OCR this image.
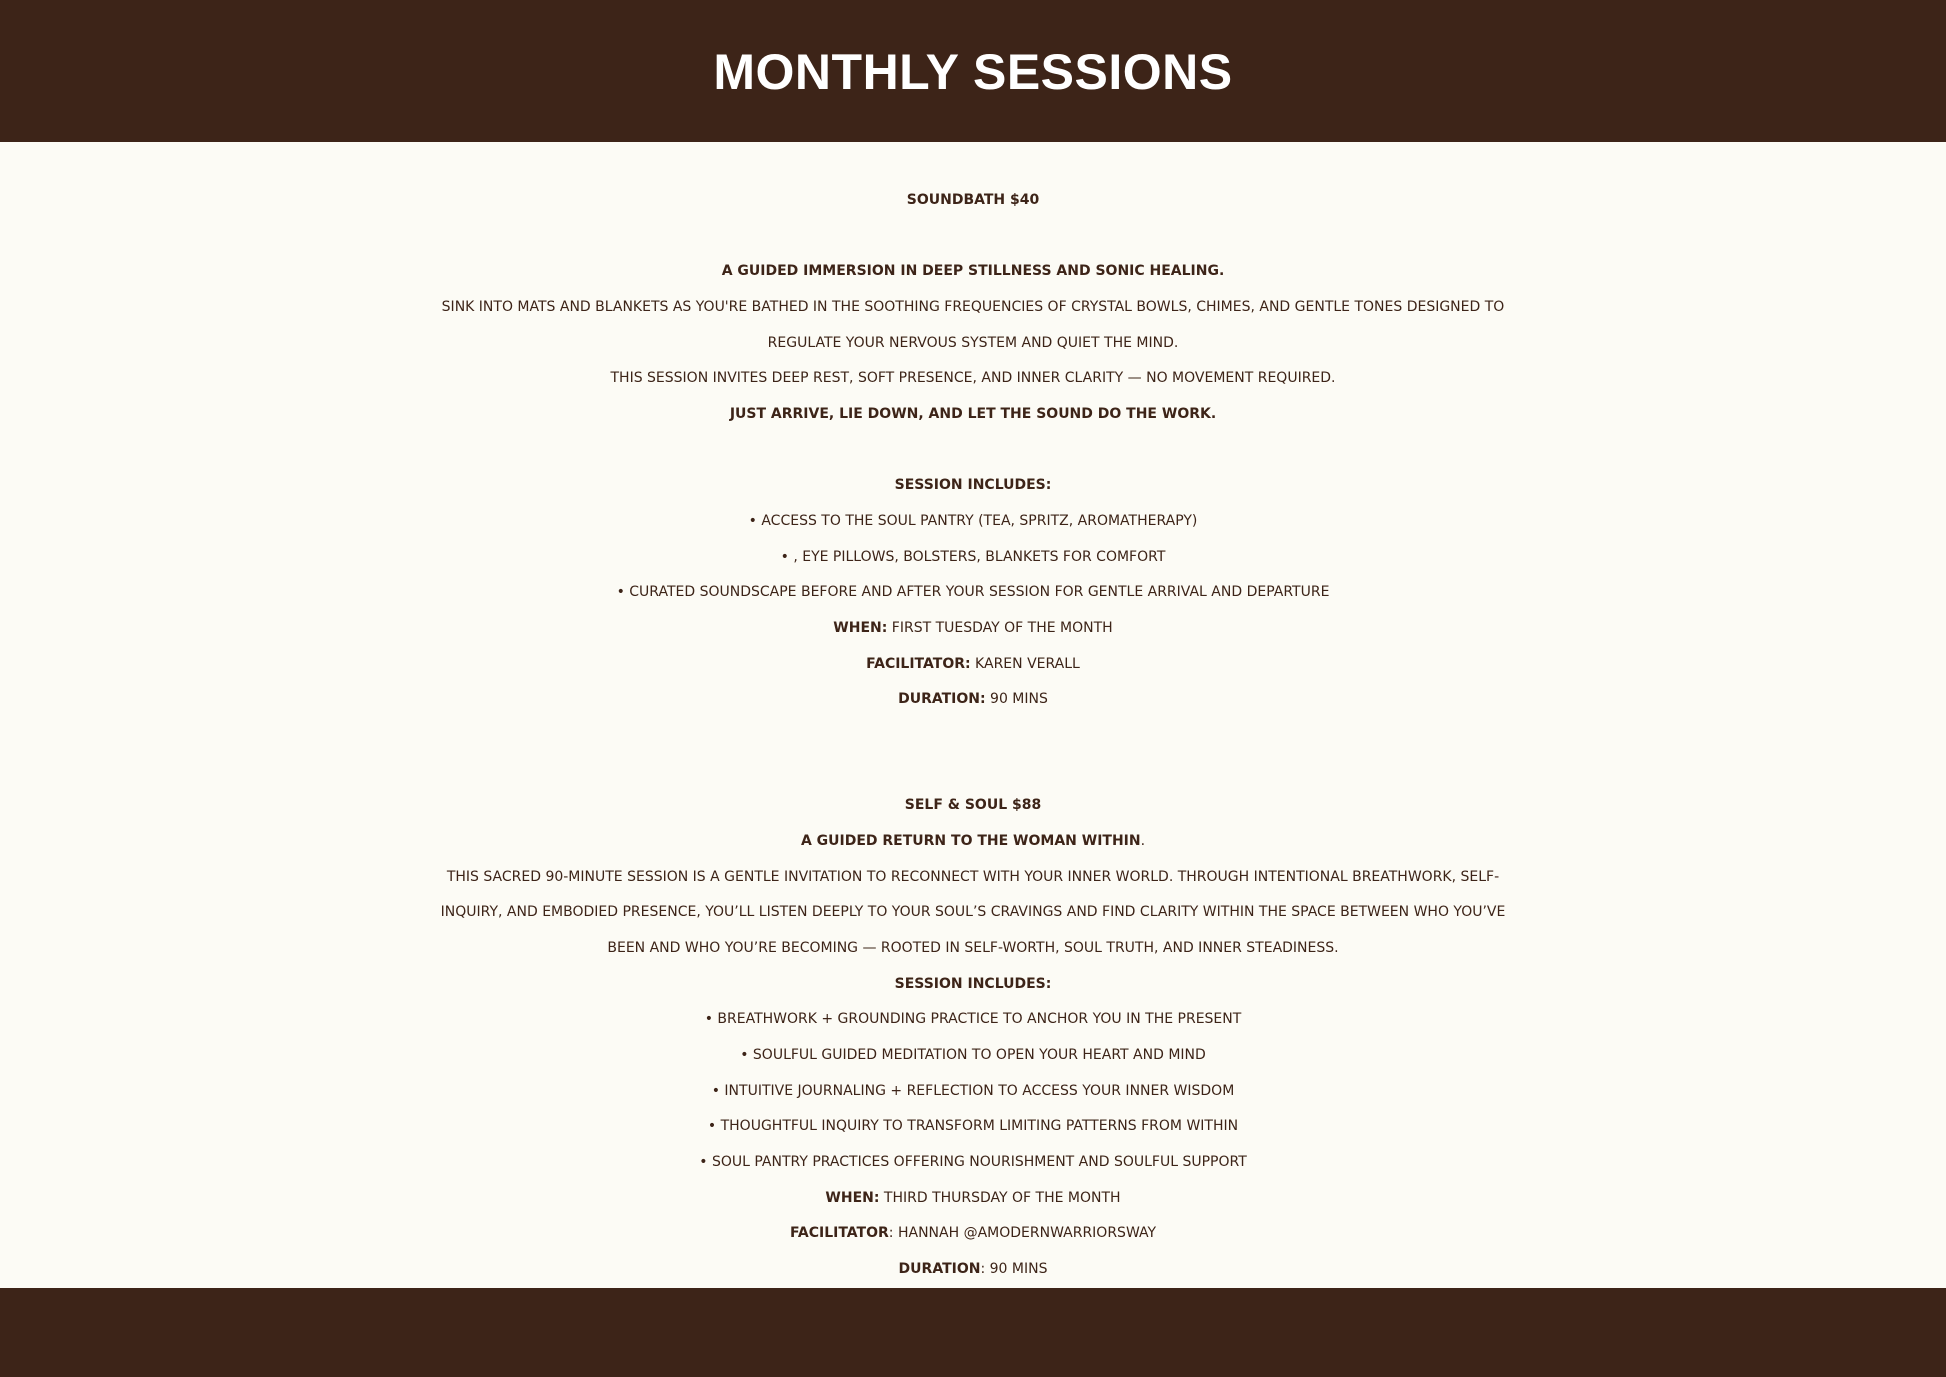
MONTHLY SESSIONS
SOUNDBATH $40
A GUIDED IMMERSION IN DEEP STILLNESS AND SONIC HEALING.
SINK INTO MATS AND BLANKETS AS YOU'RE BATHED IN THE SOOTHING FREQUENCIES OF CRYSTAL BOWLS, CHIMES, AND GENTLE TONES DESIGNED TO
REGULATE YOUR NERVOUS SYSTEM AND QUIET THE MIND.
THIS SESSION INVITES DEEP REST, SOFT PRESENCE, AND INNER CLARITY — NO MOVEMENT REQUIRED.
JUST ARRIVE, LIE DOWN, AND LET THE SOUND DO THE WORK.
SESSION INCLUDES:
• ACCESS TO THE SOUL PANTRY (TEA, SPRITZ, AROMATHERAPY)
• , EYE PILLOWS, BOLSTERS, BLANKETS FOR COMFORT
• CURATED SOUNDSCAPE BEFORE AND AFTER YOUR SESSION FOR GENTLE ARRIVAL AND DEPARTURE
WHEN: FIRST TUESDAY OF THE MONTH
FACILITATOR: KAREN VERALL
DURATION: 90 MINS
SELF & SOUL $88
A GUIDED RETURN TO THE WOMAN WITHIN.
THIS SACRED 90-MINUTE SESSION IS A GENTLE INVITATION TO RECONNECT WITH YOUR INNER WORLD. THROUGH INTENTIONAL BREATHWORK, SELF-
INQUIRY, AND EMBODIED PRESENCE, YOU’LL LISTEN DEEPLY TO YOUR SOUL’S CRAVINGS AND FIND CLARITY WITHIN THE SPACE BETWEEN WHO YOU’VE
BEEN AND WHO YOU’RE BECOMING — ROOTED IN SELF-WORTH, SOUL TRUTH, AND INNER STEADINESS.
SESSION INCLUDES:
• BREATHWORK + GROUNDING PRACTICE TO ANCHOR YOU IN THE PRESENT
• SOULFUL GUIDED MEDITATION TO OPEN YOUR HEART AND MIND
• INTUITIVE JOURNALING + REFLECTION TO ACCESS YOUR INNER WISDOM
• THOUGHTFUL INQUIRY TO TRANSFORM LIMITING PATTERNS FROM WITHIN
• SOUL PANTRY PRACTICES OFFERING NOURISHMENT AND SOULFUL SUPPORT
WHEN: THIRD THURSDAY OF THE MONTH
FACILITATOR: HANNAH @AMODERNWARRIORSWAY
DURATION: 90 MINS
